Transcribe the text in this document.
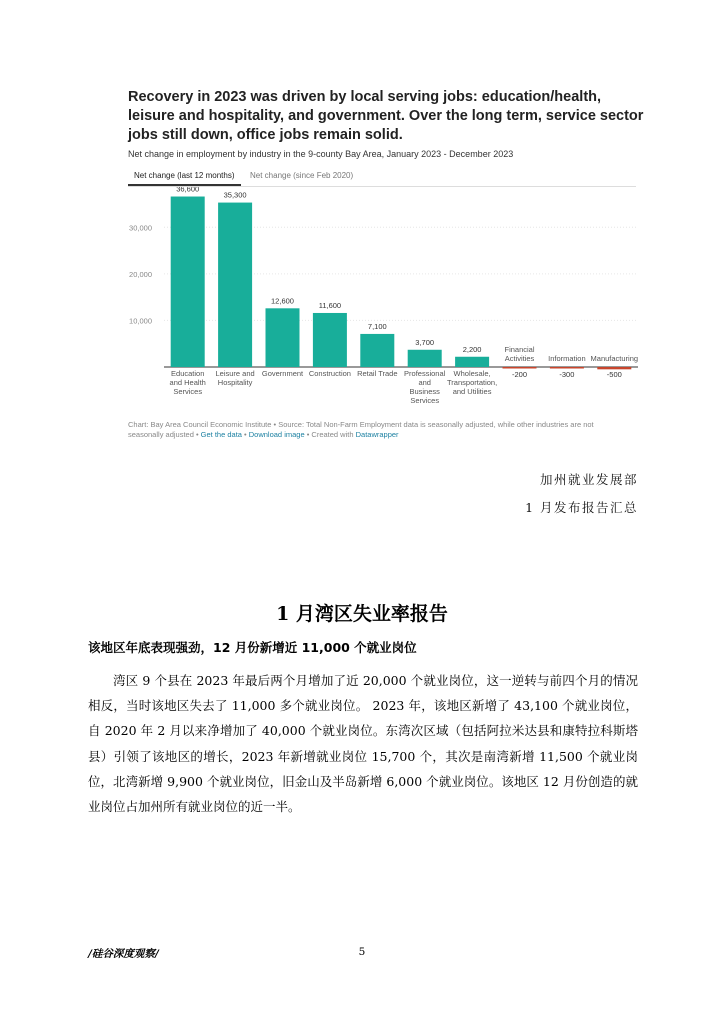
10,000
20,000
30,000
36,600
Education
and Health
Services
35,300
Leisure and
Hospitality
12,600
Government
11,600
Construction
7,100
Retail Trade
3,700
Professional
and
Business
Services
2,200
Wholesale,
Transportation,
and Utilities
-200
Financial
Activities
-300
Information
-500
Manufacturing
Recovery in 2023 was driven by local serving jobs: education/health, leisure and hospitality, and government. Over the long term, service sector jobs still down, office jobs remain solid.
Net change in employment by industry in the 9-county Bay Area, January 2023 - December 2023
Net change (last 12 months)	Net change (since Feb 2020)
Chart: Bay Area Council Economic Institute • Source: Total Non-Farm Employment data is seasonally adjusted, while other industries are not seasonally adjusted • Get the data • Download image • Created with Datawrapper
加州就业发展部
1 月发布报告汇总
1 月湾区失业率报告
该地区年底表现强劲，12 月份新增近 11,000 个就业岗位
湾区 9 个县在 2023 年最后两个月增加了近 20,000 个就业岗位，这一逆转与前四个月的情况相反，当时该地区失去了 11,000 多个就业岗位。 2023 年，该地区新增了 43,100 个就业岗位，自 2020 年 2 月以来净增加了 40,000 个就业岗位。东湾次区域（包括阿拉米达县和康特拉科斯塔县）引领了该地区的增长，2023 年新增就业岗位 15,700 个，其次是南湾新增 11,500 个就业岗位，北湾新增 9,900 个就业岗位，旧金山及半岛新增 6,000 个就业岗位。该地区 12 月份创造的就业岗位占加州所有就业岗位的近一半。
/硅谷深度观察/	5
